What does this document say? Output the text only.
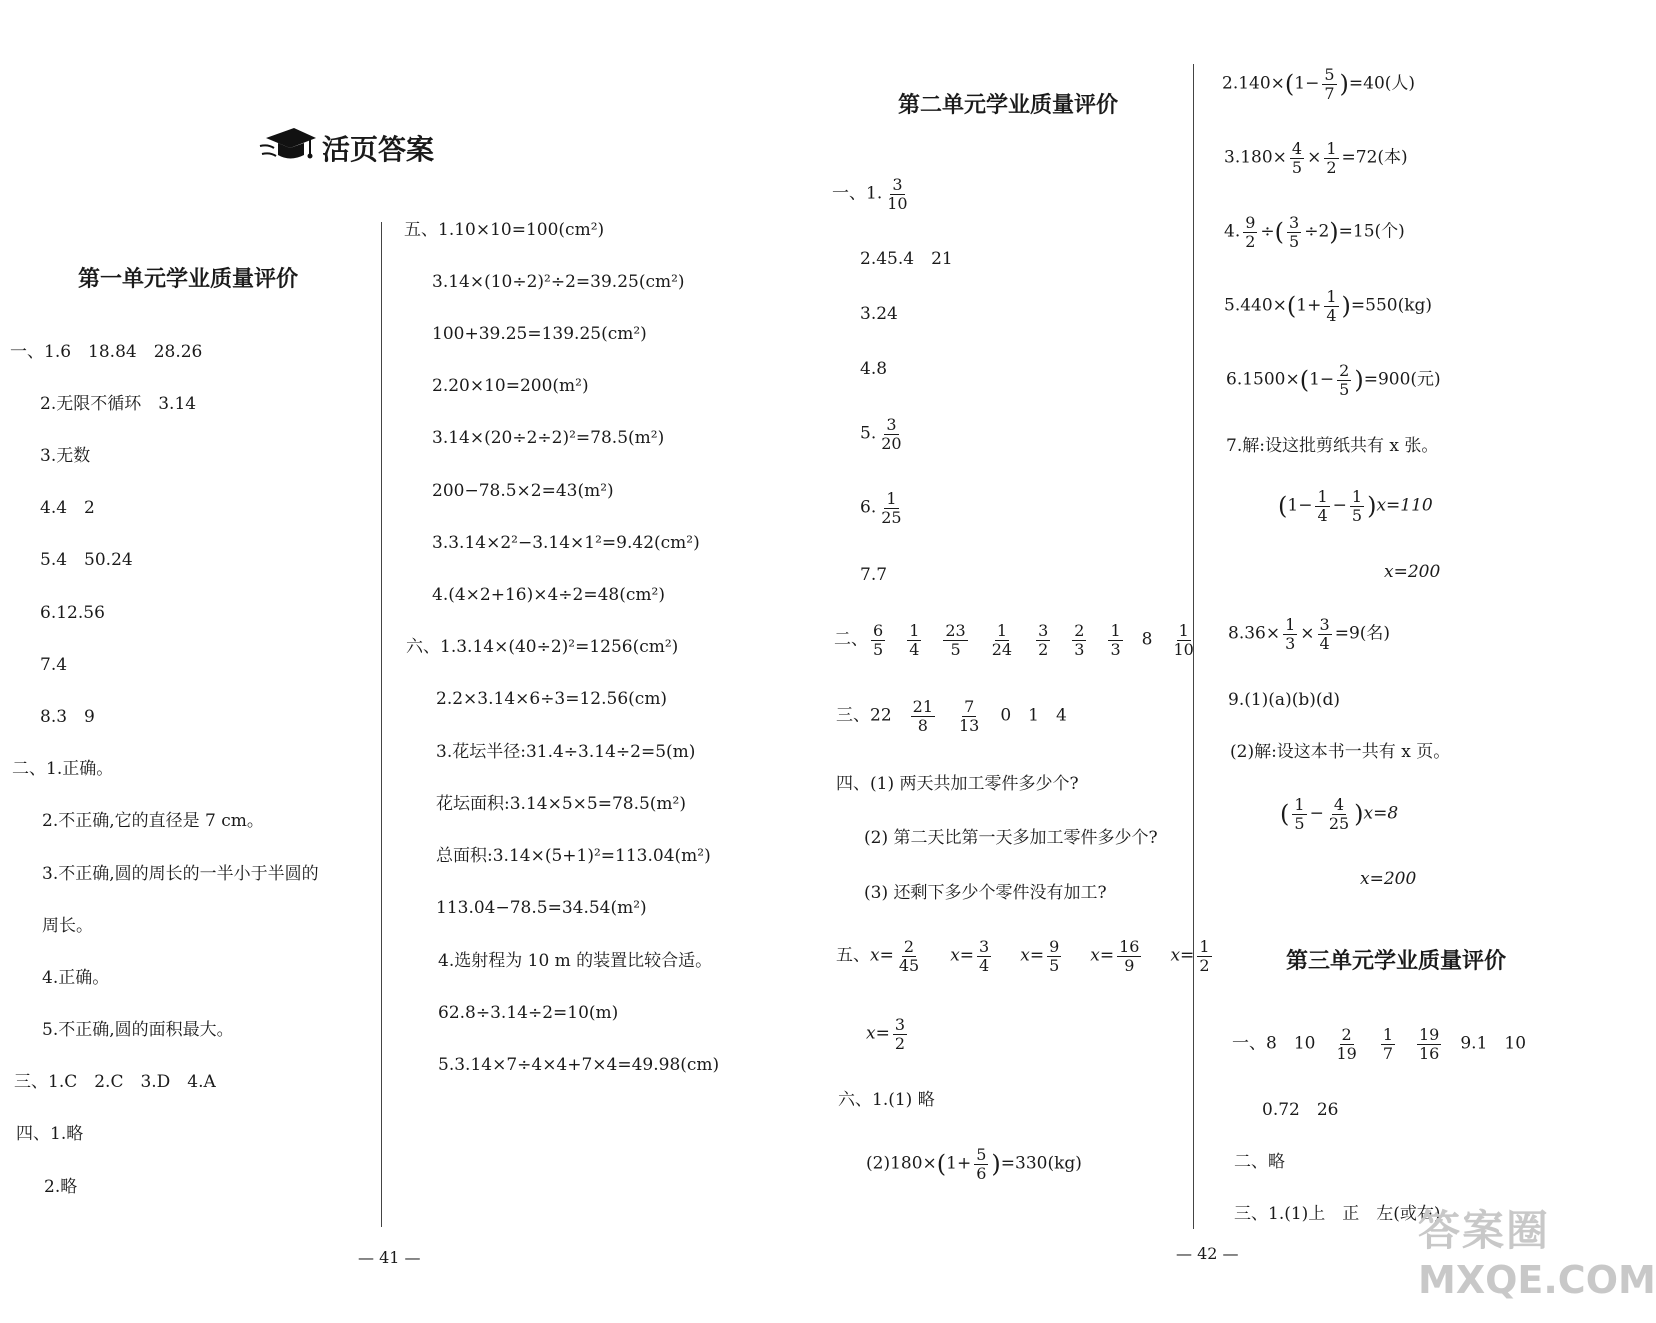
活页答案
第一单元学业质量评价
一、1.6　18.84　28.26
2.无限不循环　3.14
3.无数
4.4　2
5.4　50.24
6.12.56
7.4
8.3　9
二、1.正确。
2.不正确,它的直径是 7 cm。
3.不正确,圆的周长的一半小于半圆的
周长。
4.正确。
5.不正确,圆的面积最大。
三、1.C　2.C　3.D　4.A
四、1.略
2.略
五、1.10×10=100(cm²)
3.14×(10÷2)²÷2=39.25(cm²)
100+39.25=139.25(cm²)
2.20×10=200(m²)
3.14×(20÷2÷2)²=78.5(m²)
200−78.5×2=43(m²)
3.3.14×2²−3.14×1²=9.42(cm²)
4.(4×2+16)×4÷2=48(cm²)
六、1.3.14×(40÷2)²=1256(cm²)
2.2×3.14×6÷3=12.56(cm)
3.花坛半径:31.4÷3.14÷2=5(m)
花坛面积:3.14×5×5=78.5(m²)
总面积:3.14×(5+1)²=113.04(m²)
113.04−78.5=34.54(m²)
4.选射程为 10 m 的装置比较合适。
62.8÷3.14÷2=10(m)
5.3.14×7÷4×4+7×4=49.98(cm)
第二单元学业质量评价
一、1. $\frac{3}{10}$
2.45.4　21
3.24
4.8
5. $\frac{3}{20}$
6. $\frac{1}{25}$
7.7
二、 $\frac{6}{5} \frac{1}{4} \frac{23}{5} \frac{1}{24} \frac{3}{2} \frac{2}{3} \frac{1}{3} 8 \frac{1}{10}$
三、$22 \frac{21}{8} \frac{7}{13} 0$　1　4
四、(1) 两天共加工零件多少个?
(2) 第二天比第一天多加工零件多少个?
(3) 还剩下多少个零件没有加工?
五、$x= \frac{2}{45} x= \frac{3}{4} x= \frac{9}{5} x= \frac{16}{9} x= \frac{1}{2}$
$x= \frac{3}{2}$
六、1.(1) 略
$(2)180\times(1+ \frac{5}{6} )=330(kg)$
$2.140\times(1- \frac{5}{7} )=40$(人)
$3.180\times \frac{4}{5} \times \frac{1}{2} =72$(本)
4. $\frac{9}{2}$ ÷( $\frac{3}{5} \div 2)=15$(个)
$5.440\times(1+ \frac{1}{4} )=550(kg)$
$6.1500\times(1- \frac{2}{5} )=900$(元)
7.解:设这批剪纸共有 x 张。
$(1- \frac{1}{4} - \frac{1}{5} )x=110$
x=200
$8.36\times \frac{1}{3} \times \frac{3}{4} =9$(名)
9.(1)(a)(b)(d)
(2)解:设这本书一共有 x 页。
( $\frac{1}{5} - \frac{4}{25} )x=8$
x=200
第三单元学业质量评价
一、8　$10 \frac{2}{19} \frac{1}{7} \frac{19}{16} 9.1$　10
0.72　26
二、略
三、1.(1)上　正　左(或右)
— 41 —	— 42 —	答案圈
MXQE.COM
